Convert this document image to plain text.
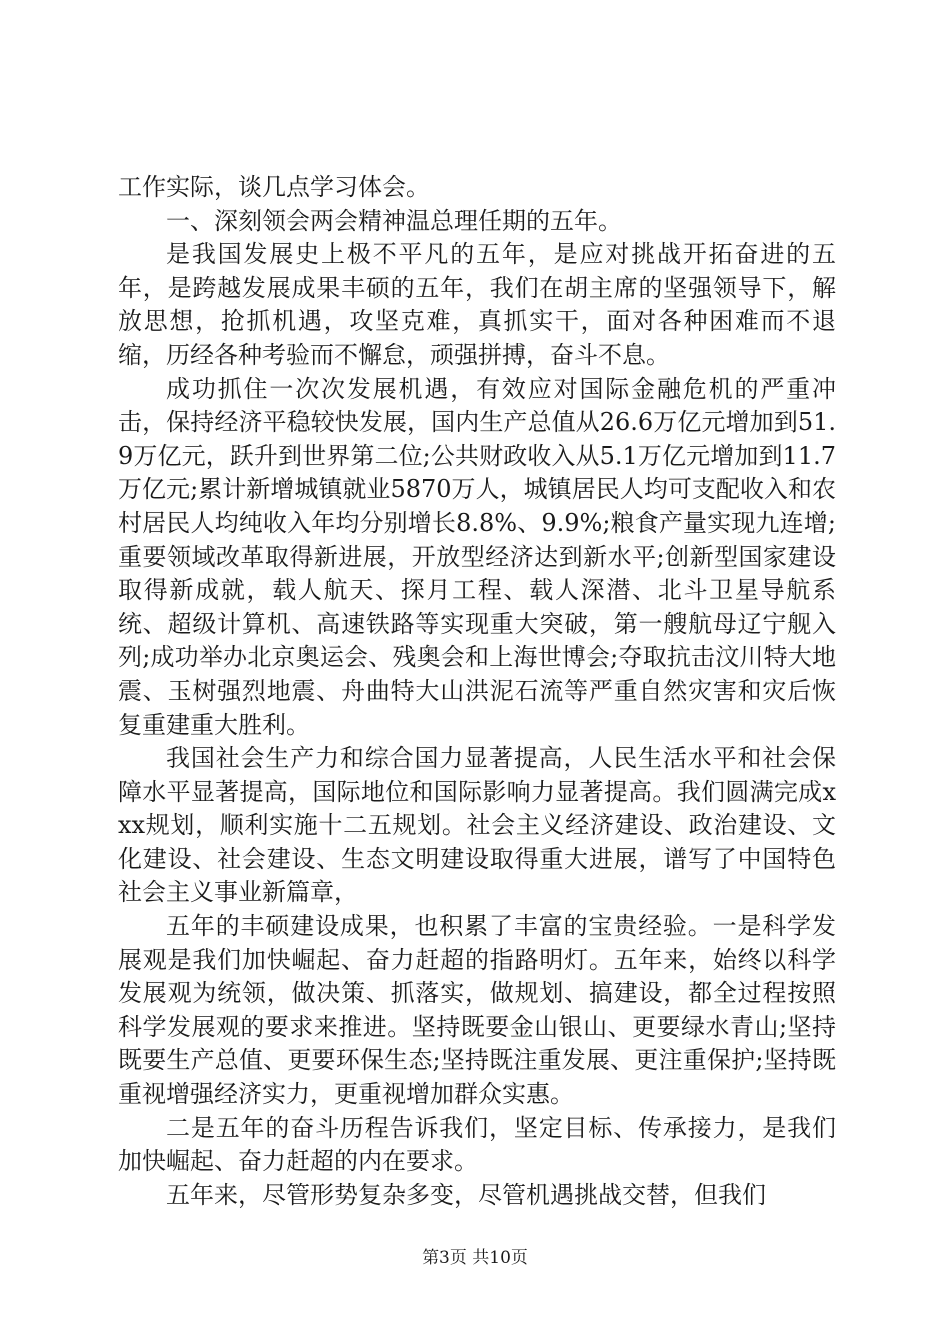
工作实际，谈几点学习体会。

一、深刻领会两会精神温总理任期的五年。

是我国发展史上极不平凡的五年，是应对挑战开拓奋进的五年，是跨越发展成果丰硕的五年，我们在胡主席的坚强领导下，解放思想，抢抓机遇，攻坚克难，真抓实干，面对各种困难而不退缩，历经各种考验而不懈怠，顽强拼搏，奋斗不息。

成功抓住一次次发展机遇，有效应对国际金融危机的严重冲击，保持经济平稳较快发展，国内生产总值从26.6万亿元增加到51.9万亿元，跃升到世界第二位;公共财政收入从5.1万亿元增加到11.7万亿元;累计新增城镇就业5870万人，城镇居民人均可支配收入和农村居民人均纯收入年均分别增长8.8%、9.9%;粮食产量实现九连增;重要领域改革取得新进展，开放型经济达到新水平;创新型国家建设取得新成就，载人航天、探月工程、载人深潜、北斗卫星导航系统、超级计算机、高速铁路等实现重大突破，第一艘航母辽宁舰入列;成功举办北京奥运会、残奥会和上海世博会;夺取抗击汶川特大地震、玉树强烈地震、舟曲特大山洪泥石流等严重自然灾害和灾后恢复重建重大胜利。

我国社会生产力和综合国力显著提高，人民生活水平和社会保障水平显著提高，国际地位和国际影响力显著提高。我们圆满完成xxx规划，顺利实施十二五规划。社会主义经济建设、政治建设、文化建设、社会建设、生态文明建设取得重大进展，谱写了中国特色社会主义事业新篇章，

五年的丰硕建设成果，也积累了丰富的宝贵经验。一是科学发展观是我们加快崛起、奋力赶超的指路明灯。五年来，始终以科学发展观为统领，做决策、抓落实，做规划、搞建设，都全过程按照科学发展观的要求来推进。坚持既要金山银山、更要绿水青山;坚持既要生产总值、更要环保生态;坚持既注重发展、更注重保护;坚持既重视增强经济实力，更重视增加群众实惠。

二是五年的奋斗历程告诉我们，坚定目标、传承接力，是我们加快崛起、奋力赶超的内在要求。

五年来，尽管形势复杂多变，尽管机遇挑战交替，但我们

第3页 共10页
